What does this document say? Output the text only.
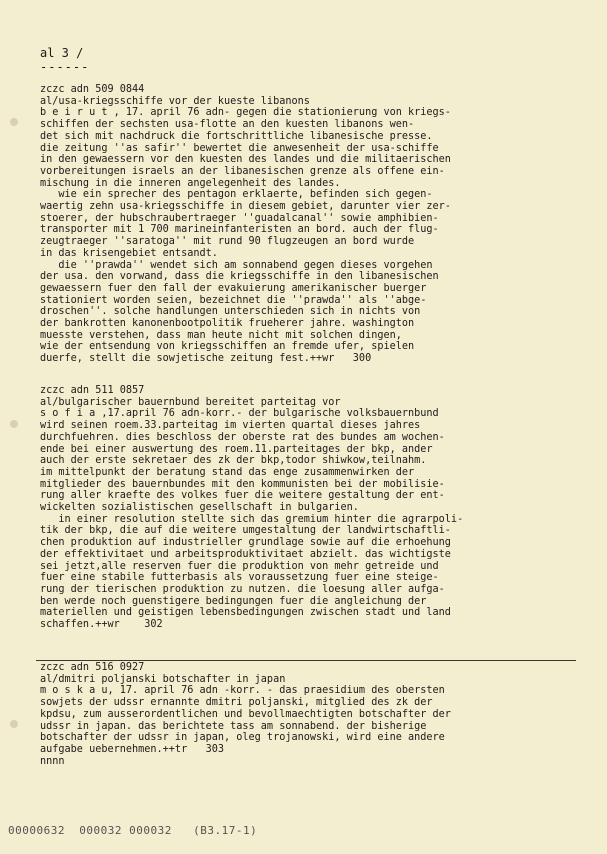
al 3 /
------
zczc adn 509 0844
al/usa-kriegsschiffe vor der kueste libanons
b e i r u t , 17. april 76 adn- gegen die stationierung von kriegs-
schiffen der sechsten usa-flotte an den kuesten libanons wen-
det sich mit nachdruck die fortschrittliche libanesische presse.
die zeitung ''as safir'' bewertet die anwesenheit der usa-schiffe
in den gewaessern vor den kuesten des landes und die militaerischen
vorbereitungen israels an der libanesischen grenze als offene ein-
mischung in die inneren angelegenheit des landes.
wie ein sprecher des pentagon erklaerte, befinden sich gegen-
waertig zehn usa-kriegsschiffe in diesem gebiet, darunter vier zer-
stoerer, der hubschraubertraeger ''guadalcanal'' sowie amphibien-
transporter mit 1 700 marineinfanteristen an bord. auch der flug-
zeugtraeger ''saratoga'' mit rund 90 flugzeugen an bord wurde
in das krisengebiet entsandt.
die ''prawda'' wendet sich am sonnabend gegen dieses vorgehen
der usa. den vorwand, dass die kriegsschiffe in den libanesischen
gewaessern fuer den fall der evakuierung amerikanischer buerger
stationiert worden seien, bezeichnet die ''prawda'' als ''abge-
droschen''. solche handlungen unterschieden sich in nichts von
der bankrotten kanonenbootpolitik frueherer jahre. washington
muesste verstehen, dass man heute nicht mit solchen dingen,
wie der entsendung von kriegsschiffen an fremde ufer, spielen
duerfe, stellt die sowjetische zeitung fest.++wr   300
zczc adn 511 0857
al/bulgarischer bauernbund bereitet parteitag vor
s o f i a ,17.april 76 adn-korr.- der bulgarische volksbauernbund
wird seinen roem.33.parteitag im vierten quartal dieses jahres
durchfuehren. dies beschloss der oberste rat des bundes am wochen-
ende bei einer auswertung des roem.11.parteitages der bkp, ander
auch der erste sekretaer des zk der bkp,todor shiwkow,teilnahm.
im mittelpunkt der beratung stand das enge zusammenwirken der
mitglieder des bauernbundes mit den kommunisten bei der mobilisie-
rung aller kraefte des volkes fuer die weitere gestaltung der ent-
wickelten sozialistischen gesellschaft in bulgarien.
in einer resolution stellte sich das gremium hinter die agrarpoli-
tik der bkp, die auf die weitere umgestaltung der landwirtschaftli-
chen produktion auf industrieller grundlage sowie auf die erhoehung
der effektivitaet und arbeitsproduktivitaet abzielt. das wichtigste
sei jetzt,alle reserven fuer die produktion von mehr getreide und
fuer eine stabile futterbasis als voraussetzung fuer eine steige-
rung der tierischen produktion zu nutzen. die loesung aller aufga-
ben werde noch guenstigere bedingungen fuer die angleichung der
materiellen und geistigen lebensbedingungen zwischen stadt und land
schaffen.++wr    302
zczc adn 516 0927
al/dmitri poljanski botschafter in japan
m o s k a u, 17. april 76 adn -korr. - das praesidium des obersten
sowjets der udssr ernannte dmitri poljanski, mitglied des zk der
kpdsu, zum ausserordentlichen und bevollmaechtigten botschafter der
udssr in japan. das berichtete tass am sonnabend. der bisherige
botschafter der udssr in japan, oleg trojanowski, wird eine andere
aufgabe uebernehmen.++tr   303
nnnn
00000632  000032 000032   (B3.17-1)
